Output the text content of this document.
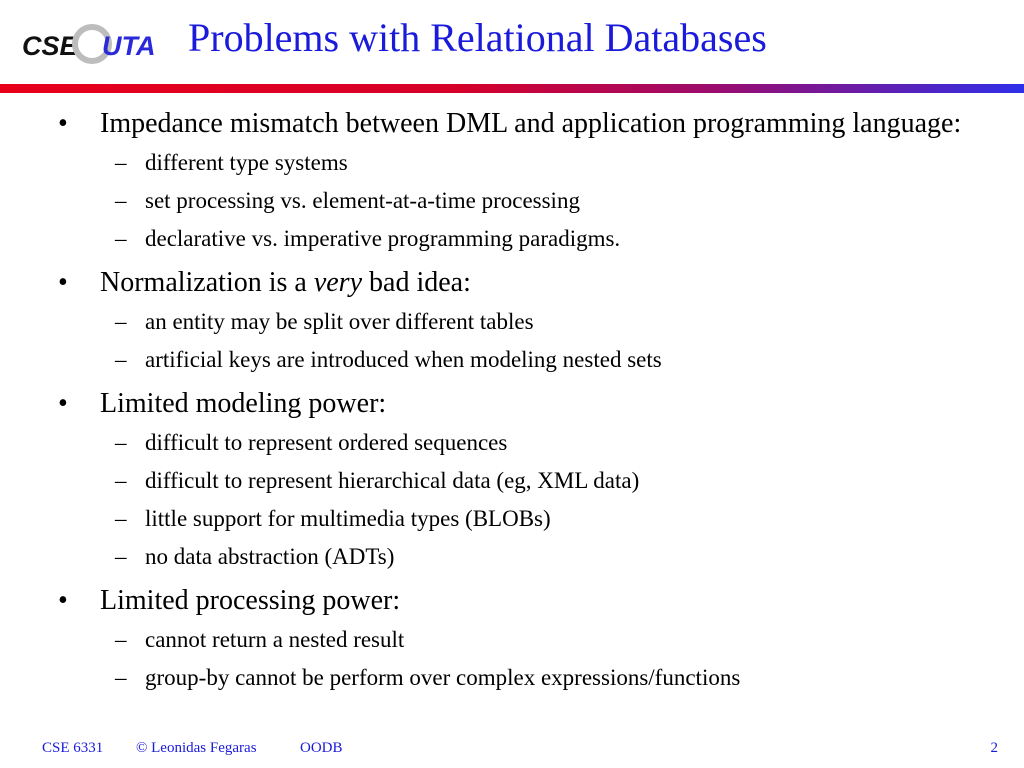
CSE UTA Problems with Relational Databases
• Impedance mismatch between DML and application programming language:
– different type systems
– set processing vs. element-at-a-time processing
– declarative vs. imperative programming paradigms.
• Normalization is a very bad idea:
– an entity may be split over different tables
– artificial keys are introduced when modeling nested sets
• Limited modeling power:
– difficult to represent ordered sequences
– difficult to represent hierarchical data (eg, XML data)
– little support for multimedia types (BLOBs)
– no data abstraction (ADTs)
• Limited processing power:
– cannot return a nested result
– group-by cannot be perform over complex expressions/functions
CSE 6331 © Leonidas Fegaras	OODB	2
